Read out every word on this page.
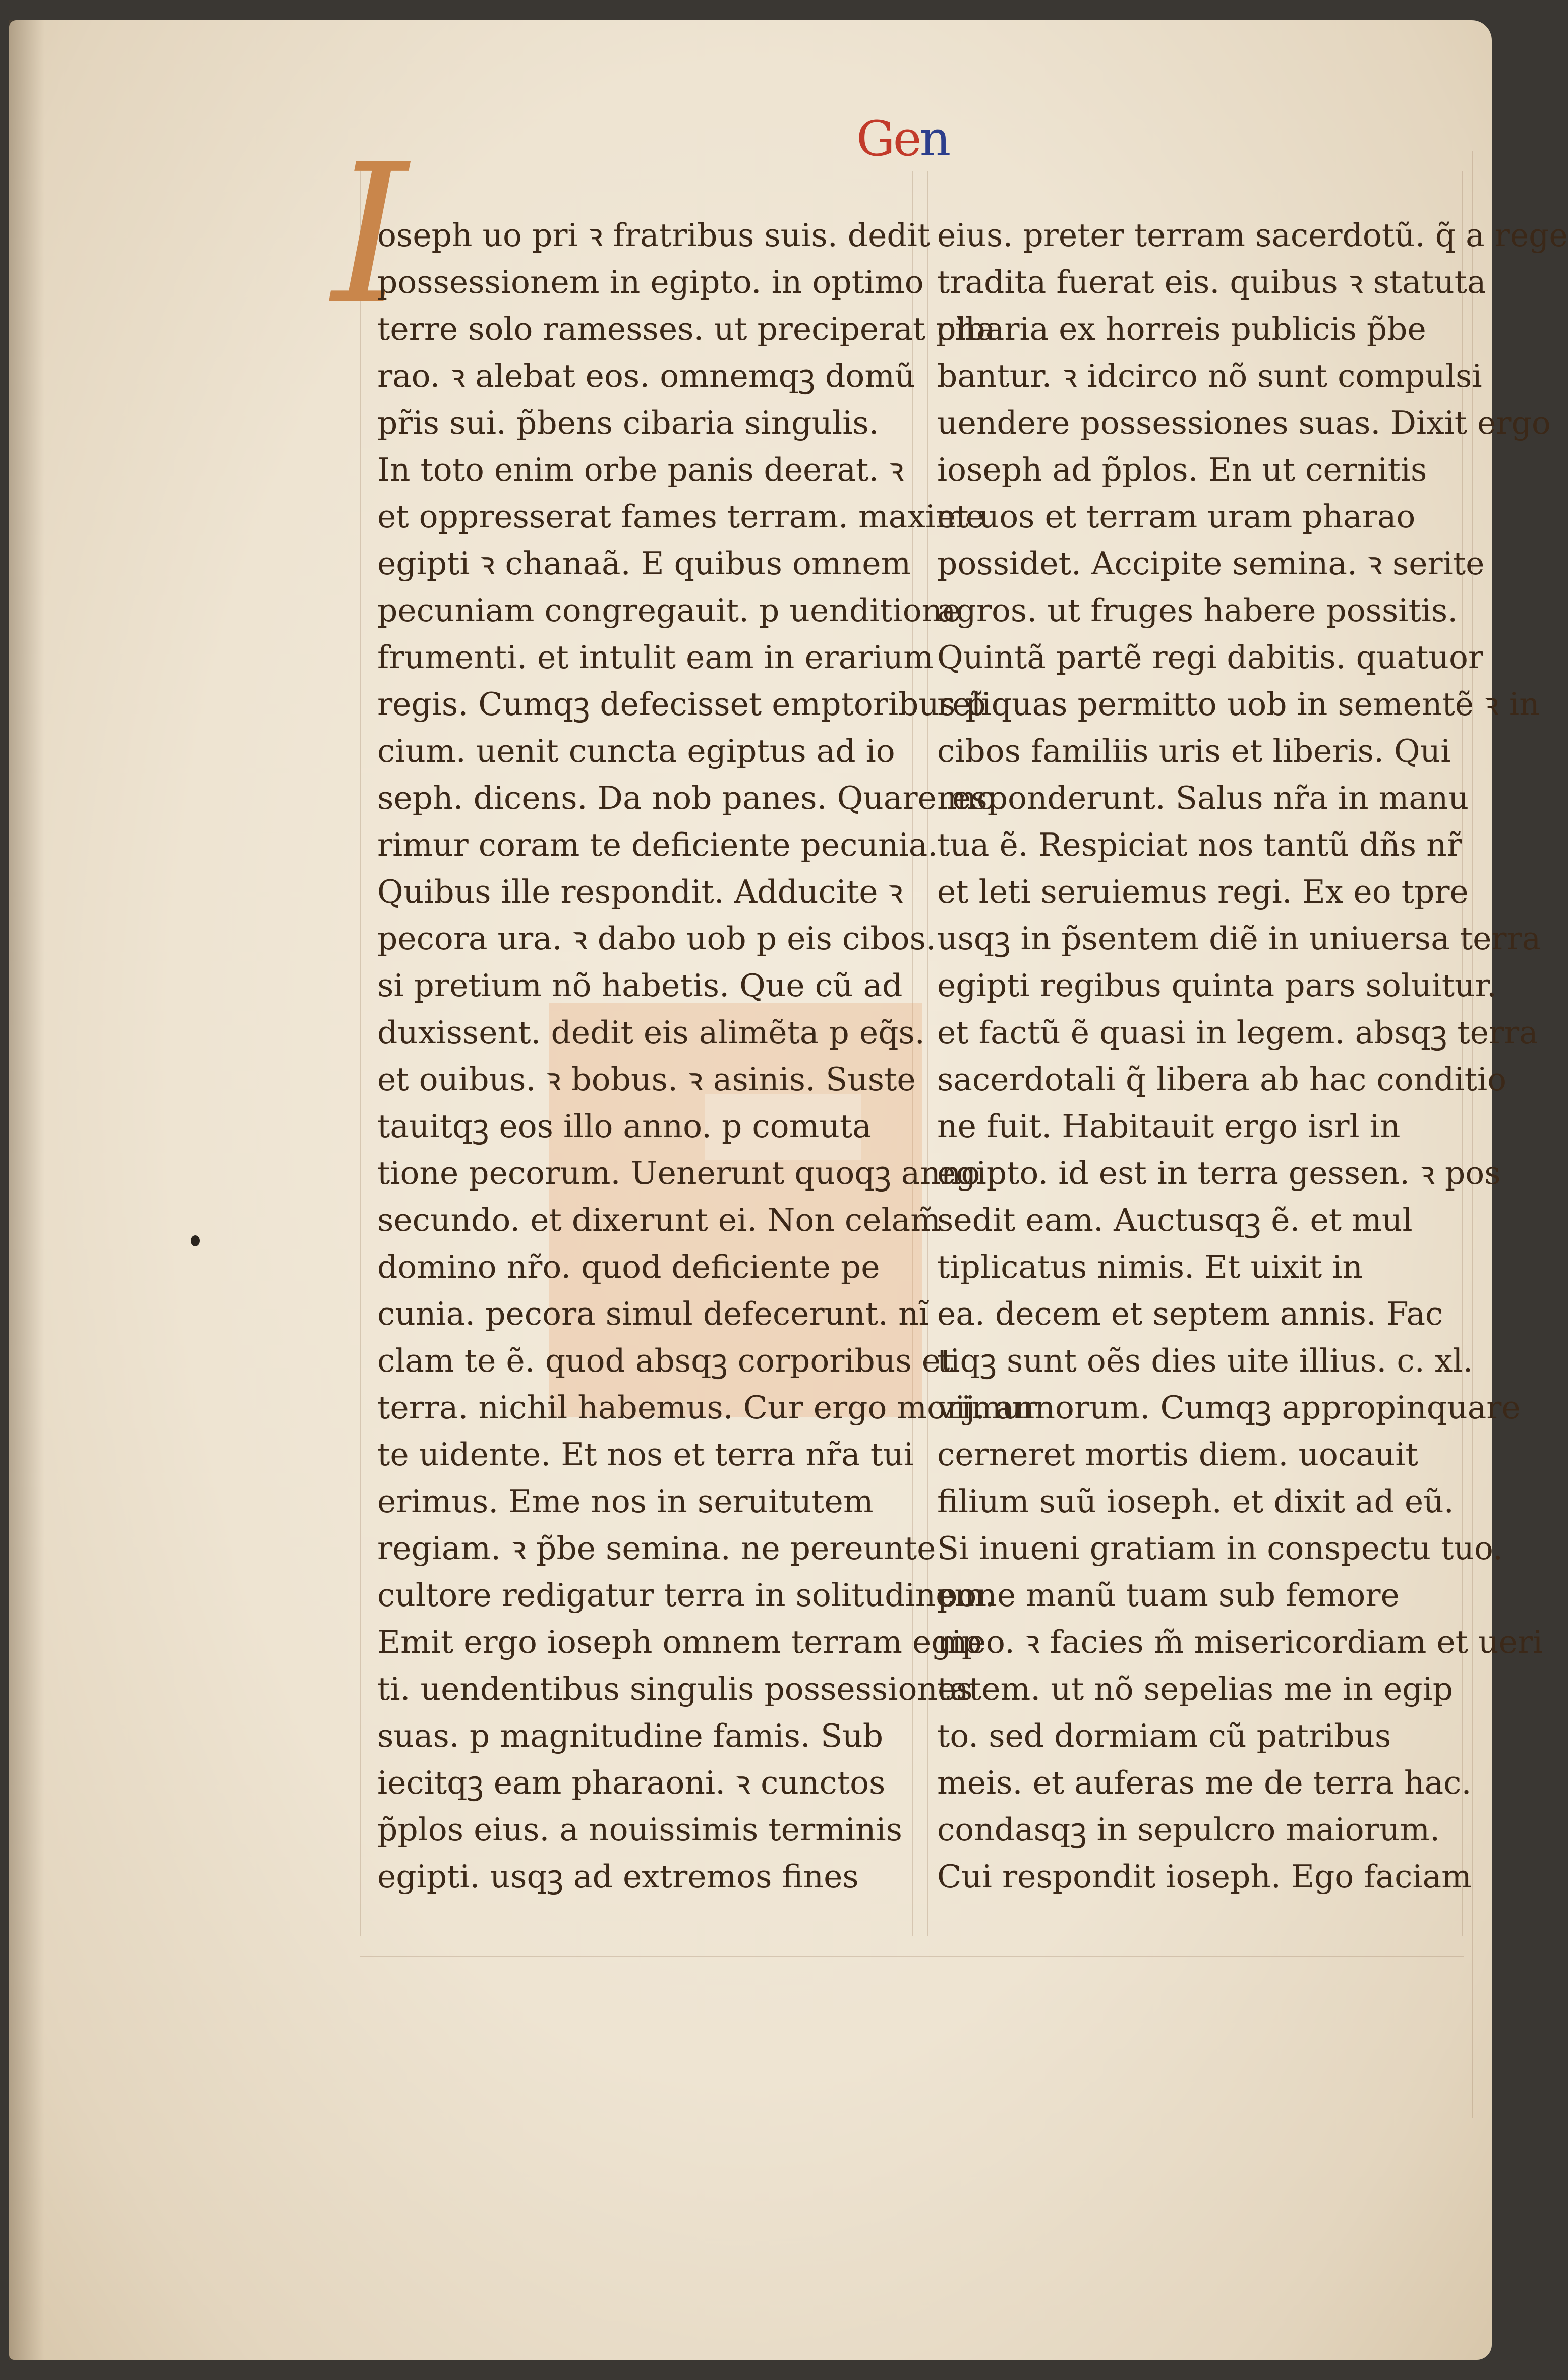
Gen
I
oseph uo pri ꝛ fratribus suis. dedit
possessionem in egipto. in optimo
terre solo ramesses. ut preciperat pha
rao. ꝛ alebat eos. omnemqꝫ domũ
pr̃is sui. p̃bens cibaria singulis.
In toto enim orbe panis deerat. ꝛ
et oppresserat fames terram. maxime
egipti ꝛ chanaã. E quibus omnem
pecuniam congregauit. p uenditione
frumenti. et intulit eam in erarium
regis. Cumqꝫ defecisset emptoribus p̃
cium. uenit cuncta egiptus ad io
seph. dicens. Da nob panes. Quare mo
rimur coram te deficiente pecunia.
Quibus ille respondit. Adducite ꝛ
pecora ura. ꝛ dabo uob p eis cibos.
si pretium nõ habetis. Que cũ ad
duxissent. dedit eis alimẽta p eq̃s.
et ouibus. ꝛ bobus. ꝛ asinis. Suste
tauitqꝫ eos illo anno. p comuta
tione pecorum. Uenerunt quoqꝫ anno
secundo. et dixerunt ei. Non celam̃
domino nr̃o. quod deficiente pe
cunia. pecora simul defecerunt. nĩ
clam te ẽ. quod absqꝫ corporibus et
terra. nichil habemus. Cur ergo morimur
te uidente. Et nos et terra nr̃a tui
erimus. Eme nos in seruitutem
regiam. ꝛ p̃be semina. ne pereunte
cultore redigatur terra in solitudinem.
Emit ergo ioseph omnem terram egip
ti. uendentibus singulis possessiones
suas. p magnitudine famis. Sub
iecitqꝫ eam pharaoni. ꝛ cunctos
p̃plos eius. a nouissimis terminis
egipti. usqꝫ ad extremos fines
eius. preter terram sacerdotũ. q̃ a rege
tradita fuerat eis. quibus ꝛ statuta
cibaria ex horreis publicis p̃be
bantur. ꝛ idcirco nõ sunt compulsi
uendere possessiones suas. Dixit ergo
ioseph ad p̃plos. En ut cernitis
et uos et terram uram pharao
possidet. Accipite semina. ꝛ serite
agros. ut fruges habere possitis.
Quintã partẽ regi dabitis. quatuor
reliquas permitto uob in sementẽ ꝛ in
cibos familiis uris et liberis. Qui
responderunt. Salus nr̃a in manu
tua ẽ. Respiciat nos tantũ dñs nr̃
et leti seruiemus regi. Ex eo tpre
usqꝫ in p̃sentem diẽ in uniuersa terra
egipti regibus quinta pars soluitur.
et factũ ẽ quasi in legem. absqꝫ terra
sacerdotali q̃ libera ab hac conditio
ne fuit. Habitauit ergo isrl in
egipto. id est in terra gessen. ꝛ pos
sedit eam. Auctusqꝫ ẽ. et mul
tiplicatus nimis. Et uixit in
ea. decem et septem annis. Fac
tiqꝫ sunt oẽs dies uite illius. c. xl.
vij. annorum. Cumqꝫ appropinquare
cerneret mortis diem. uocauit
filium suũ ioseph. et dixit ad eũ.
Si inueni gratiam in conspectu tuo.
pone manũ tuam sub femore
meo. ꝛ facies m̃ misericordiam et ueri
tatem. ut nõ sepelias me in egip
to. sed dormiam cũ patribus
meis. et auferas me de terra hac.
condasqꝫ in sepulcro maiorum.
Cui respondit ioseph. Ego faciam
